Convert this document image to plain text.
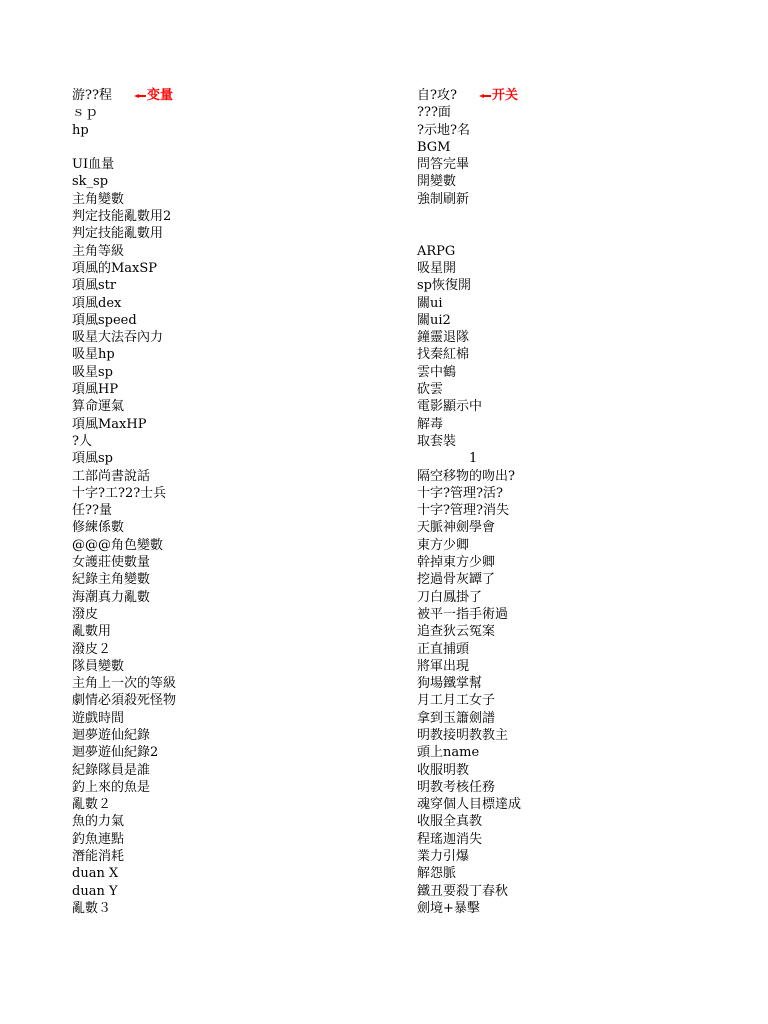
游??程	变量
ｓｐ
hp
UI血量
sk_sp
主角變數
判定技能亂數用2
判定技能亂數用
主角等級
項風的MaxSP
項風str
項風dex
項風speed
吸星大法吞內力
吸星hp
吸星sp
項風HP
算命運氣
項風MaxHP
?人
項風sp
工部尚書說話
十字?工?2?士兵
任??量
修練係數
@@@角色變數
女護莊使數量
紀錄主角變數
海潮真力亂數
潑皮
亂數用
潑皮２
隊員變數
主角上一次的等級
劇情必須殺死怪物
遊戲時間
迴夢遊仙紀錄
迴夢遊仙紀錄2
紀錄隊員是誰
釣上來的魚是
亂數２
魚的力氣
釣魚連點
潛能消耗
duan X
duan Y
亂數３
自?攻?	开关
???面
?示地?名
BGM
問答完畢
開變數
強制刷新
ARPG
吸星開
sp恢復開
關ui
關ui2
鐘靈退隊
找秦紅棉
雲中鶴
砍雲
電影顯示中
解毒
取套裝
1
隔空移物的吻出?
十字?管理?活?
十字?管理?消失
天脈神劍學會
東方少卿
幹掉東方少卿
挖過骨灰罈了
刀白鳳掛了
被平一指手術過
追查狄云冤案
正直捕頭
將軍出現
狗場鐵掌幫
月工月工女子
拿到玉簫劍譜
明教接明教教主
頭上name
收服明教
明教考核任務
魂穿個人目標達成
收服全真教
程瑤迦消失
業力引爆
解怨脈
鐵丑要殺丁春秋
劍境+暴擊
